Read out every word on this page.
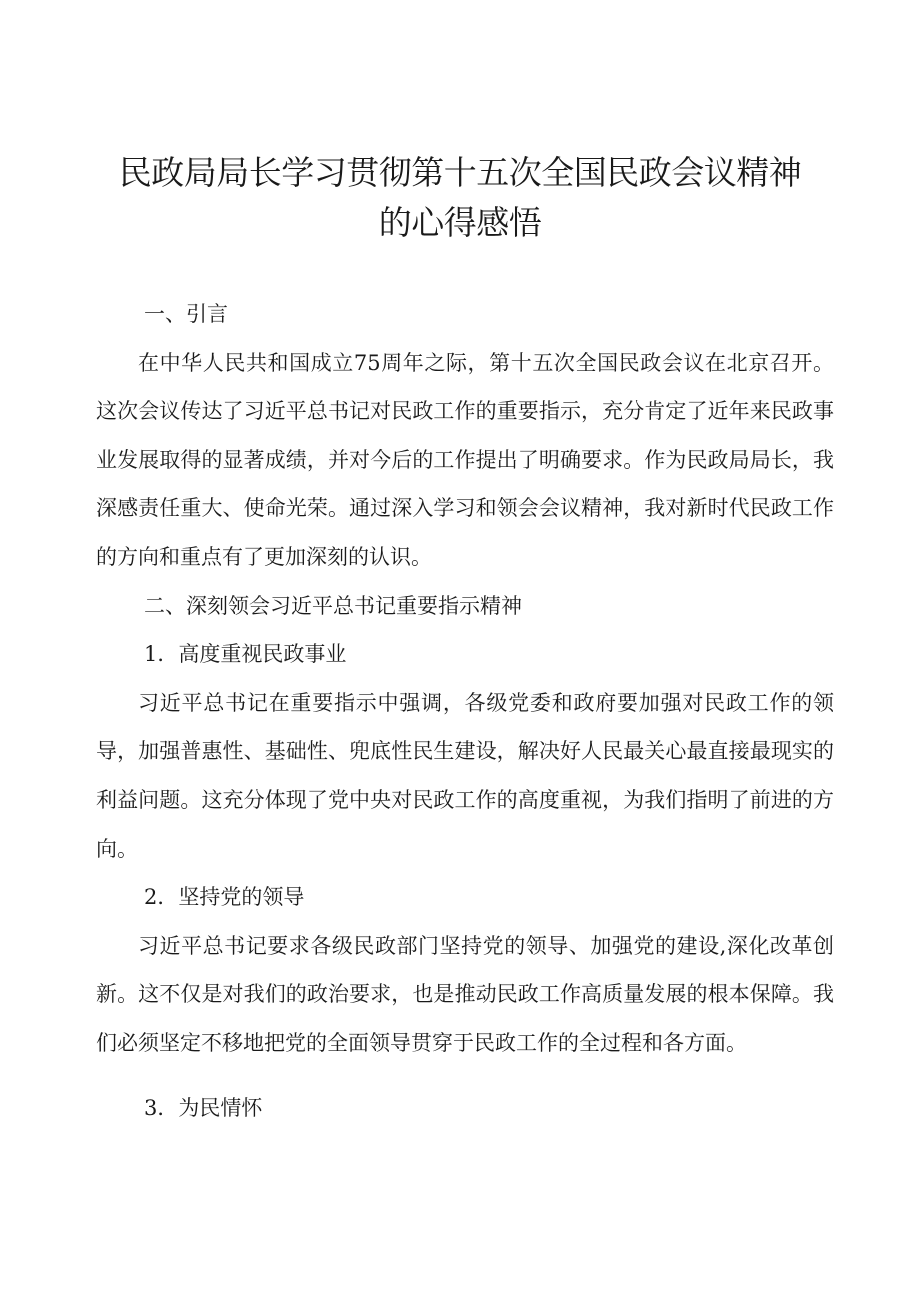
民政局局长学习贯彻第十五次全国民政会议精神
的心得感悟

一、引言

在中华人民共和国成立75周年之际，第十五次全国民政会议在北京召开。这次会议传达了习近平总书记对民政工作的重要指示，充分肯定了近年来民政事业发展取得的显著成绩，并对今后的工作提出了明确要求。作为民政局局长，我深感责任重大、使命光荣。通过深入学习和领会会议精神，我对新时代民政工作的方向和重点有了更加深刻的认识。

二、深刻领会习近平总书记重要指示精神

1．高度重视民政事业

习近平总书记在重要指示中强调，各级党委和政府要加强对民政工作的领导，加强普惠性、基础性、兜底性民生建设，解决好人民最关心最直接最现实的利益问题。这充分体现了党中央对民政工作的高度重视，为我们指明了前进的方向。

2．坚持党的领导

习近平总书记要求各级民政部门坚持党的领导、加强党的建设,深化改革创新。这不仅是对我们的政治要求，也是推动民政工作高质量发展的根本保障。我们必须坚定不移地把党的全面领导贯穿于民政工作的全过程和各方面。

3．为民情怀
